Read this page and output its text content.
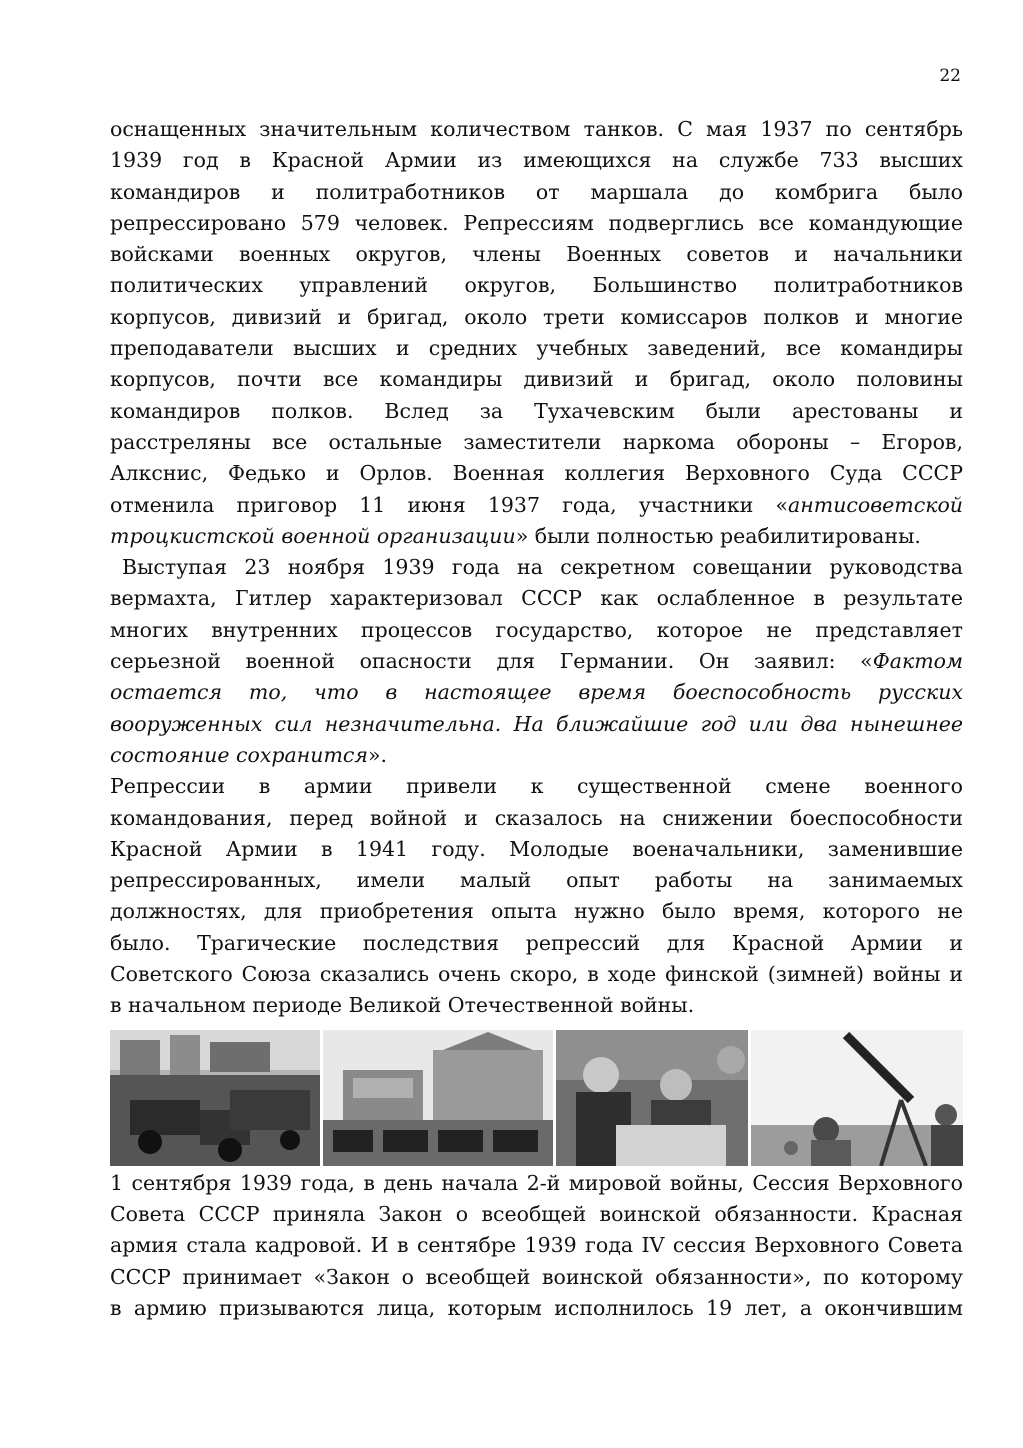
22

оснащенных значительным количеством танков. С мая 1937 по сентябрь
1939 год в Красной Армии из имеющихся на службе 733 высших
командиров и политработников от маршала до комбрига было
репрессировано 579 человек. Репрессиям подверглись все командующие
войсками военных округов, члены Военных советов и начальники
политических управлений округов, Большинство политработников
корпусов, дивизий и бригад, около трети комиссаров полков и многие
преподаватели высших и средних учебных заведений, все командиры
корпусов, почти все командиры дивизий и бригад, около половины
командиров полков. Вслед за Тухачевским были арестованы и
расстреляны все остальные заместители наркома обороны – Егоров,
Алкснис, Федько и Орлов. Военная коллегия Верховного Суда СССР
отменила приговор 11 июня 1937 года, участники «антисоветской
троцкистской военной организации» были полностью реабилитированы.

Выступая 23 ноября 1939 года на секретном совещании руководства
вермахта, Гитлер характеризовал СССР как ослабленное в результате
многих внутренних процессов государство, которое не представляет
серьезной военной опасности для Германии. Он заявил: «Фактом
остается то, что в настоящее время боеспособность русских
вооруженных сил незначительна. На ближайшие год или два нынешнее
состояние сохранится».

Репрессии в армии привели к существенной смене военного
командования, перед войной и сказалось на снижении боеспособности
Красной Армии в 1941 году. Молодые военачальники, заменившие
репрессированных, имели малый опыт работы на занимаемых
должностях, для приобретения опыта нужно было время, которого не
было. Трагические последствия репрессий для Красной Армии и
Советского Союза сказались очень скоро, в ходе финской (зимней) войны и
в начальном периоде Великой Отечественной войны.

1 сентября 1939 года, в день начала 2-й мировой войны, Сессия Верховного
Совета СССР приняла Закон о всеобщей воинской обязанности. Красная
армия стала кадровой. И в сентябре 1939 года IV сессия Верховного Совета
СССР принимает «Закон о всеобщей воинской обязанности», по которому
в армию призываются лица, которым исполнилось 19 лет, а окончившим
